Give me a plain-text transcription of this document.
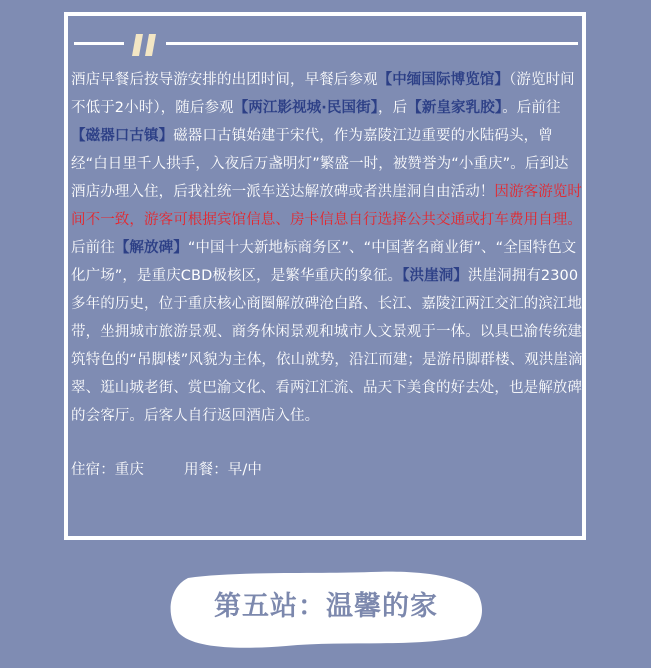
酒店早餐后按导游安排的出团时间，早餐后参观【中缅国际博览馆】（游览时间不低于2小时），随后参观【两江影视城·民国街】，后【新皇家乳胶】。后前往【磁器口古镇】磁器口古镇始建于宋代，作为嘉陵江边重要的水陆码头，曾经“白日里千人拱手，入夜后万盏明灯”繁盛一时，被赞誉为“小重庆”。后到达酒店办理入住，后我社统一派车送达解放碑或者洪崖洞自由活动！因游客游览时间不一致，游客可根据宾馆信息、房卡信息自行选择公共交通或打车费用自理。

后前往【解放碑】“中国十大新地标商务区”、“中国著名商业街”、“全国特色文化广场”，是重庆CBD极核区，是繁华重庆的象征。【洪崖洞】洪崖洞拥有2300多年的历史，位于重庆核心商圈解放碑沧白路、长江、嘉陵江两江交汇的滨江地带，坐拥城市旅游景观、商务休闲景观和城市人文景观于一体。以具巴渝传统建筑特色的“吊脚楼”风貌为主体，依山就势，沿江而建；是游吊脚群楼、观洪崖滴翠、逛山城老街、赏巴渝文化、看两江汇流、品天下美食的好去处，也是解放碑的会客厅。后客人自行返回酒店入住。

住宿：重庆	用餐：早/中

第五站：温馨的家
